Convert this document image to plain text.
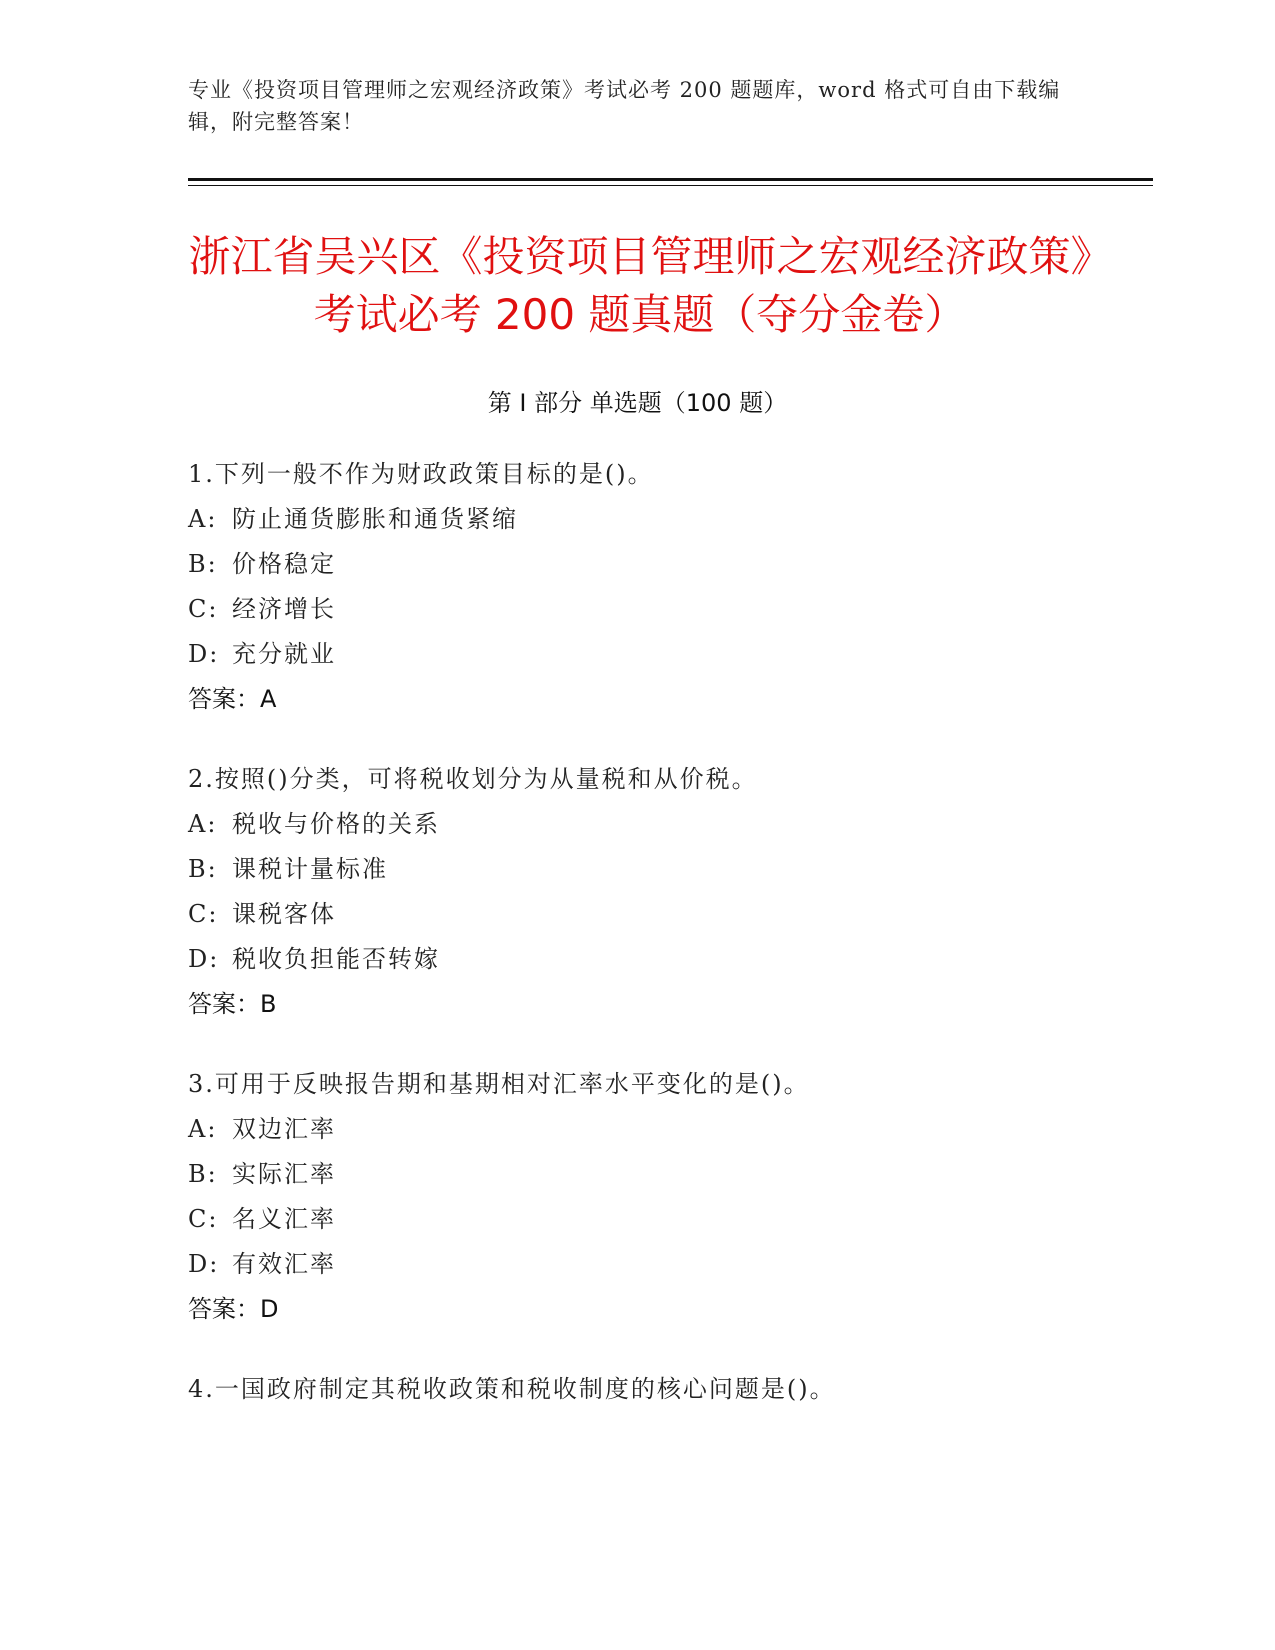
专业《投资项目管理师之宏观经济政策》考试必考 200 题题库，word 格式可自由下载编辑，附完整答案！
浙江省吴兴区《投资项目管理师之宏观经济政策》考试必考 200 题真题（夺分金卷）
第 I 部分 单选题（100 题）
1.下列一般不作为财政政策目标的是()。
A: 防止通货膨胀和通货紧缩
B: 价格稳定
C: 经济增长
D: 充分就业
答案：A
2.按照()分类，可将税收划分为从量税和从价税。
A: 税收与价格的关系
B: 课税计量标准
C: 课税客体
D: 税收负担能否转嫁
答案：B
3.可用于反映报告期和基期相对汇率水平变化的是()。
A: 双边汇率
B: 实际汇率
C: 名义汇率
D: 有效汇率
答案：D
4.一国政府制定其税收政策和税收制度的核心问题是()。
